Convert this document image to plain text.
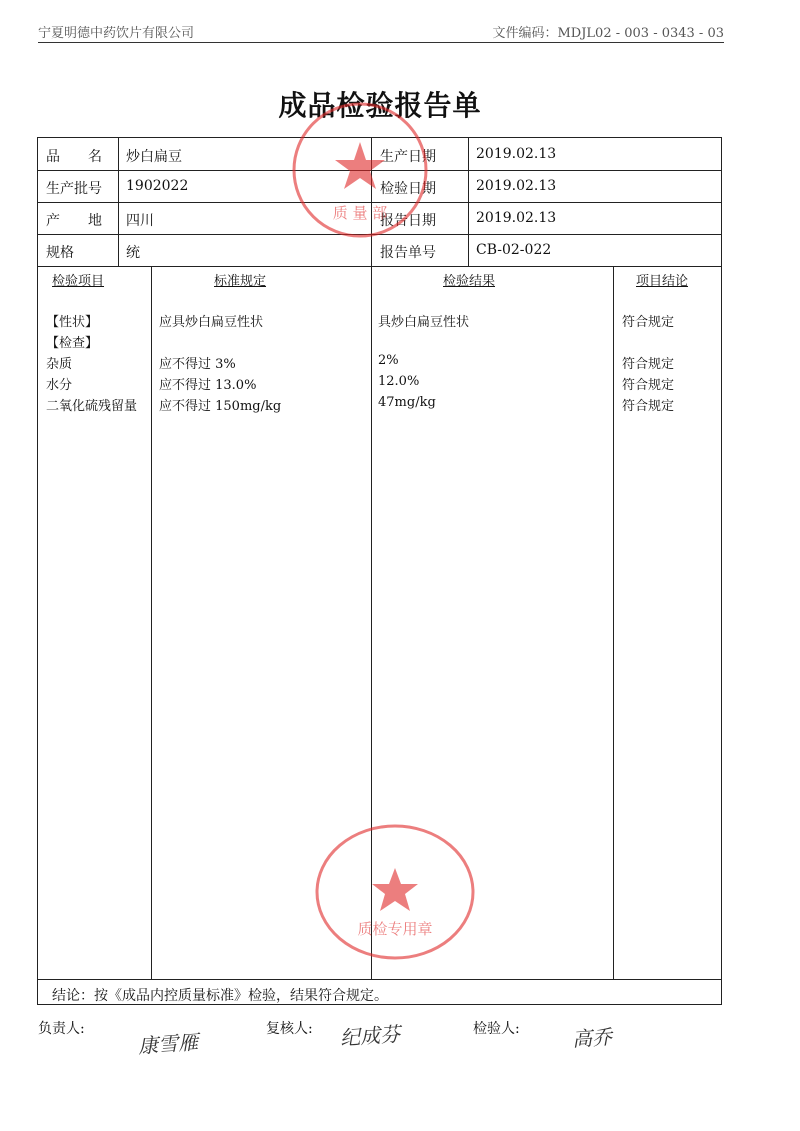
宁夏明德中药饮片有限公司	文件编码：MDJL02 - 003 - 0343 - 03
成品检验报告单
品　　名 炒白扁豆	生产日期	2019.02.13
生产批号 1902022	检验日期	2019.02.13
产　　地 四川	报告日期	2019.02.13
规格	统	报告单号	CB-02-022
检验项目	标准规定	检验结果	项目结论
【性状】	应具炒白扁豆性状	具炒白扁豆性状	符合规定
【检查】
杂质	应不得过 3%	2%	符合规定
水分	应不得过 13.0%	12.0%	符合规定
二氧化硫残留量 应不得过 150mg/kg	47mg/kg	符合规定
结论：按《成品内控质量标准》检验，结果符合规定。
负责人:
康雪雁
复核人: 纪成芬	检验人:	高乔
质 量 部
质检专用章
